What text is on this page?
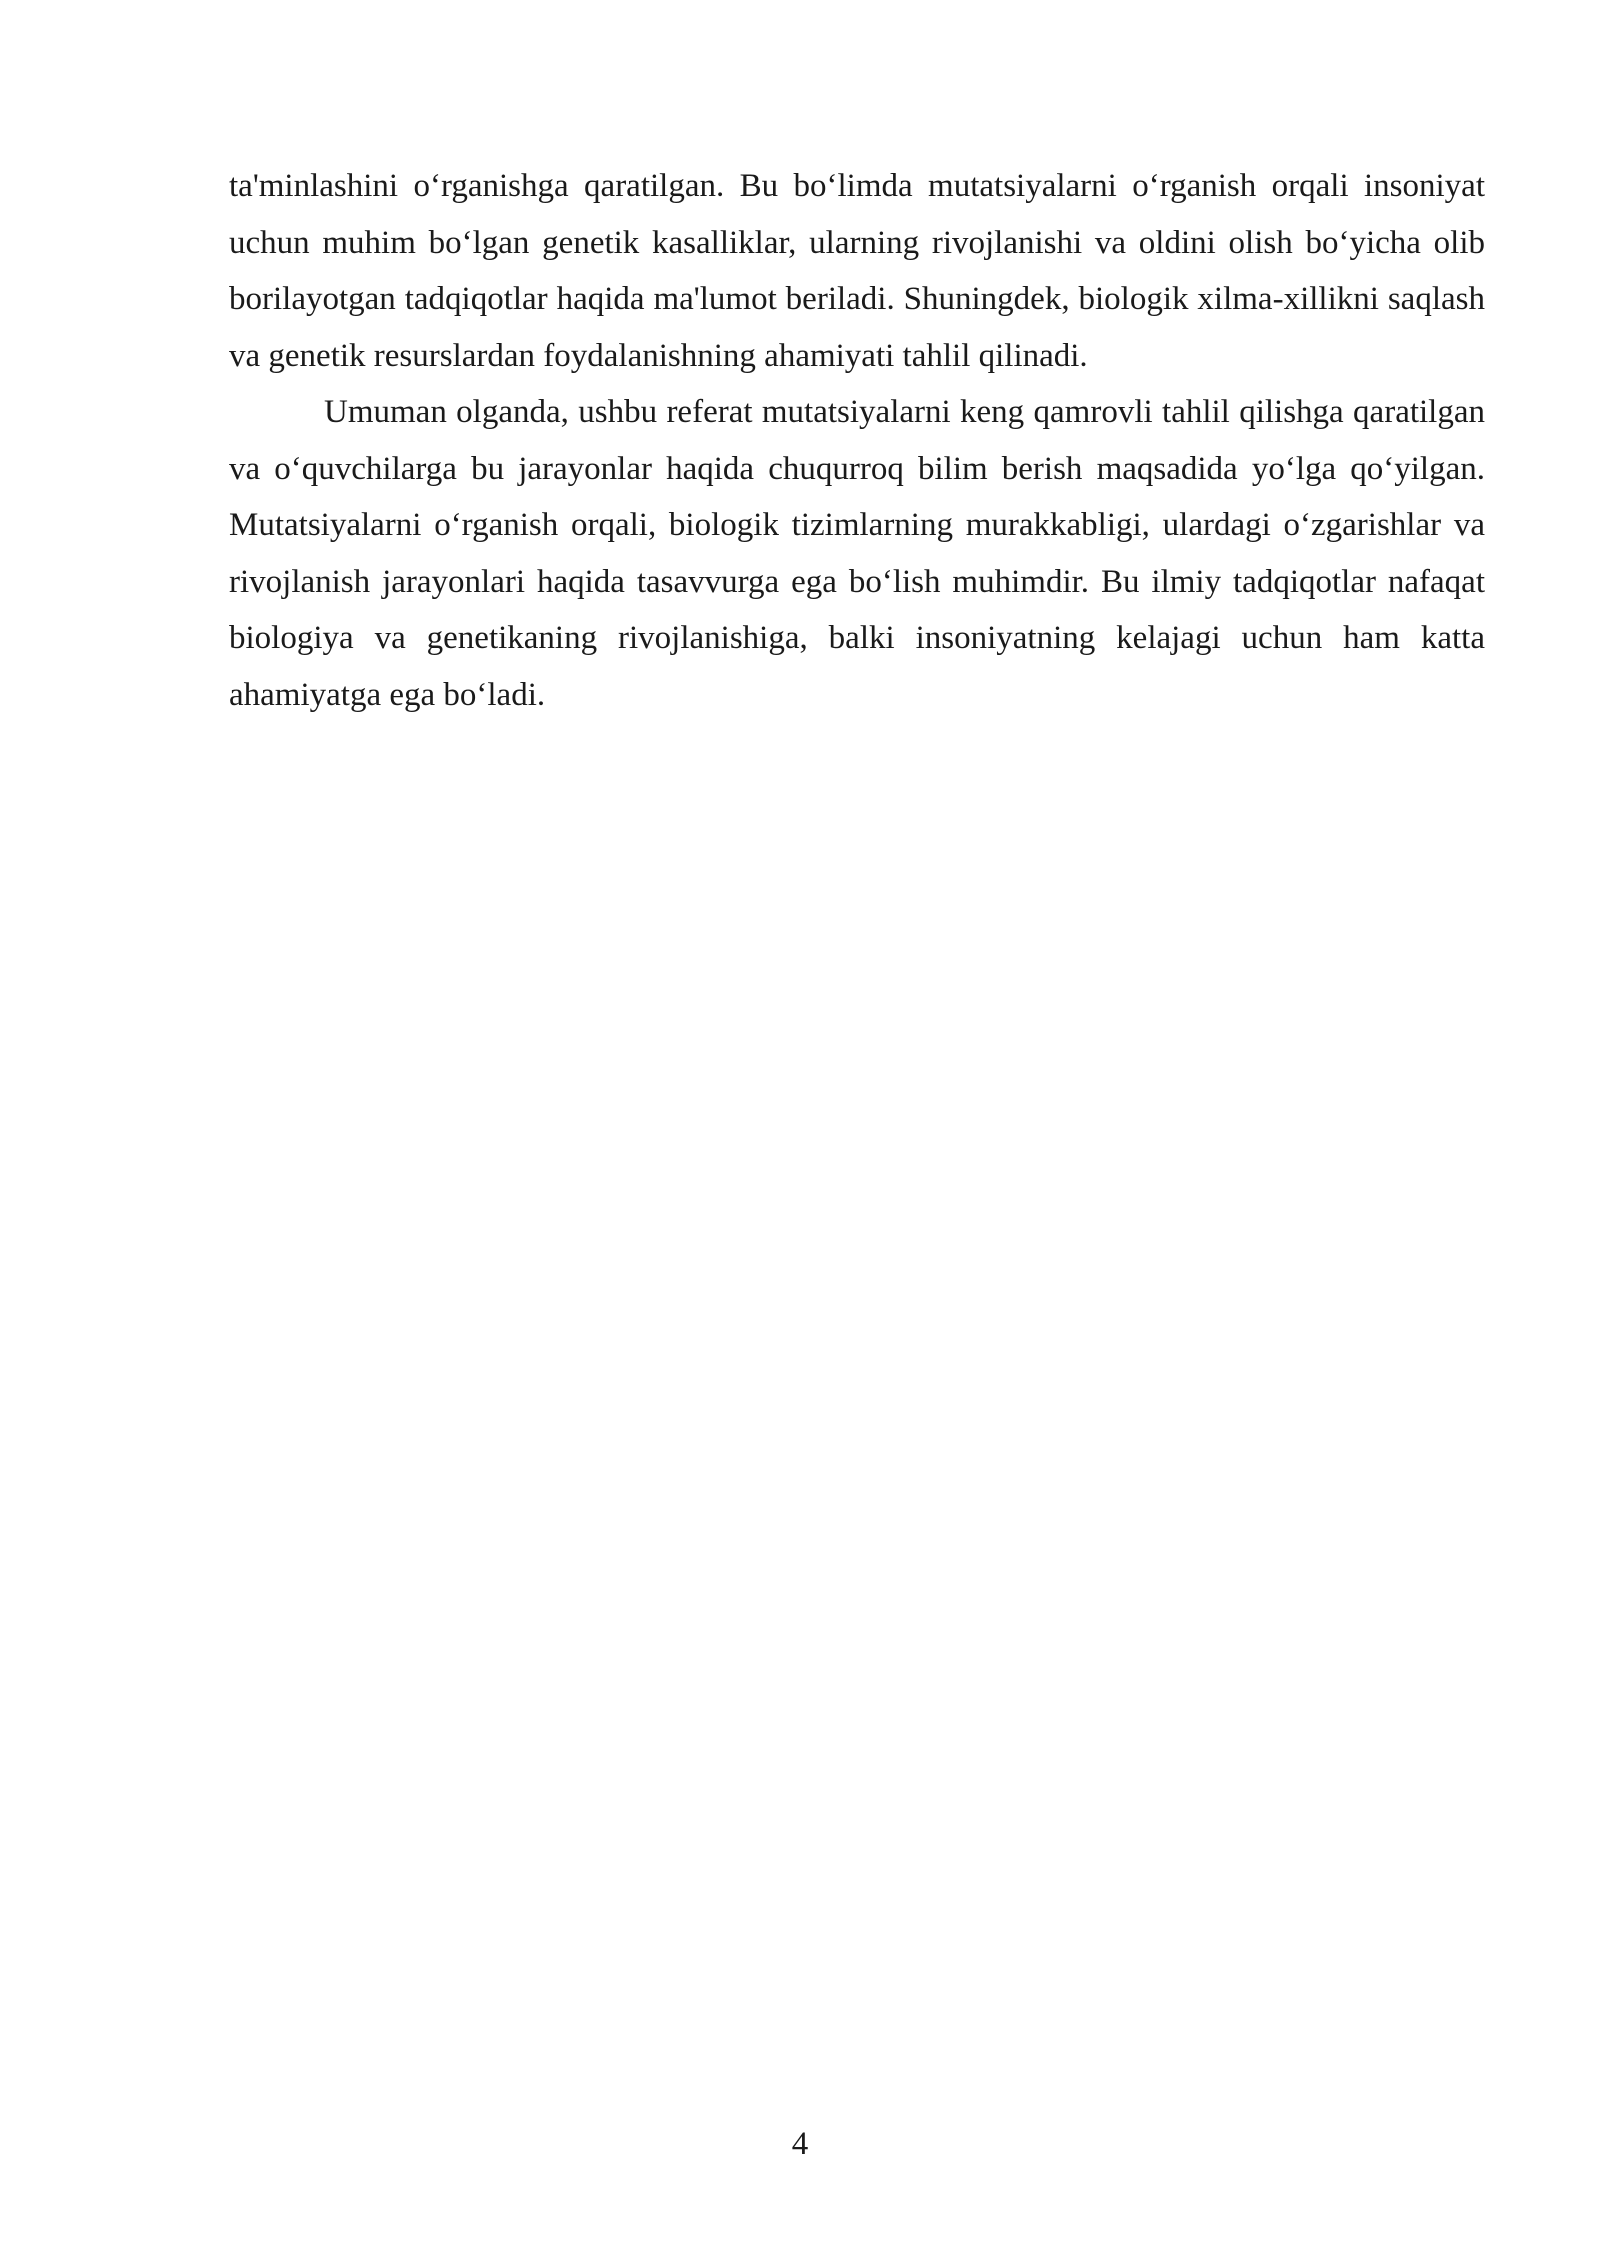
ta'minlashini o‘rganishga qaratilgan. Bu bo‘limda mutatsiyalarni o‘rganish orqali insoniyat uchun muhim bo‘lgan genetik kasalliklar, ularning rivojlanishi va oldini olish bo‘yicha olib borilayotgan tadqiqotlar haqida ma'lumot beriladi. Shuningdek, biologik xilma-xillikni saqlash va genetik resurslardan foydalanishning ahamiyati tahlil qilinadi.

Umuman olganda, ushbu referat mutatsiyalarni keng qamrovli tahlil qilishga qaratilgan va o‘quvchilarga bu jarayonlar haqida chuqurroq bilim berish maqsadida yo‘lga qo‘yilgan. Mutatsiyalarni o‘rganish orqali, biologik tizimlarning murakkabligi, ulardagi o‘zgarishlar va rivojlanish jarayonlari haqida tasavvurga ega bo‘lish muhimdir. Bu ilmiy tadqiqotlar nafaqat biologiya va genetikaning rivojlanishiga, balki insoniyatning kelajagi uchun ham katta ahamiyatga ega bo‘ladi.

4
